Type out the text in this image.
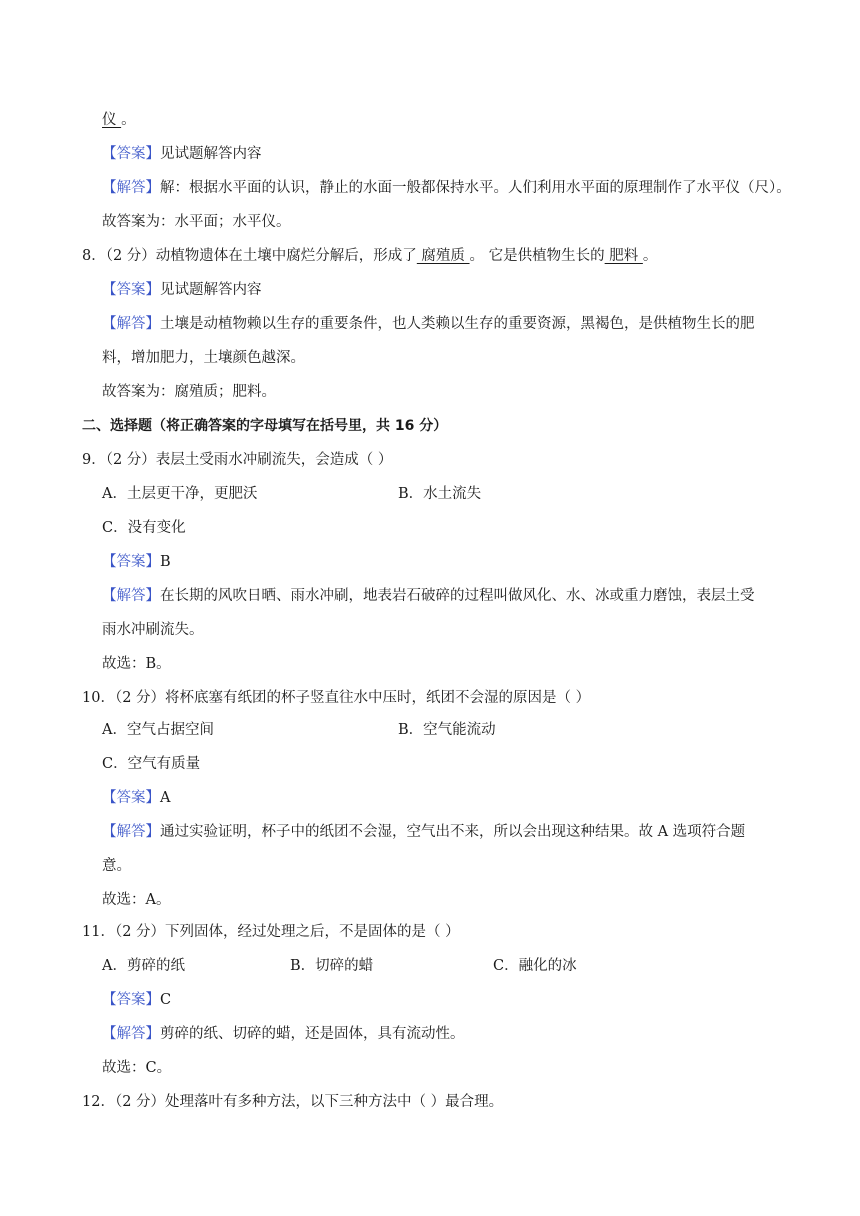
仪 。
【答案】见试题解答内容
【解答】解：根据水平面的认识，静止的水面一般都保持水平。人们利用水平面的原理制作了水平仪（尺）。
故答案为：水平面；水平仪。
8．（2 分）动植物遗体在土壤中腐烂分解后，形成了 腐殖质 。 它是供植物生长的 肥料 。
【答案】见试题解答内容
【解答】土壤是动植物赖以生存的重要条件，也人类赖以生存的重要资源，黑褐色，是供植物生长的肥
料，增加肥力，土壤颜色越深。
故答案为：腐殖质；肥料。
二、选择题（将正确答案的字母填写在括号里，共 16 分）
9．（2 分）表层土受雨水冲刷流失，会造成（ ）
A．土层更干净，更肥沃	B．水土流失
C．没有变化
【答案】B
【解答】在长期的风吹日晒、雨水冲刷，地表岩石破碎的过程叫做风化、水、冰或重力磨蚀，表层土受
雨水冲刷流失。
故选：B。
10．（2 分）将杯底塞有纸团的杯子竖直往水中压时，纸团不会湿的原因是（ ）
A．空气占据空间	B．空气能流动
C．空气有质量
【答案】A
【解答】通过实验证明，杯子中的纸团不会湿，空气出不来，所以会出现这种结果。故 A 选项符合题
意。
故选：A。
11．（2 分）下列固体，经过处理之后，不是固体的是（ ）
A．剪碎的纸	B．切碎的蜡	C．融化的冰
【答案】C
【解答】剪碎的纸、切碎的蜡，还是固体，具有流动性。
故选：C。
12．（2 分）处理落叶有多种方法，以下三种方法中（ ）最合理。
